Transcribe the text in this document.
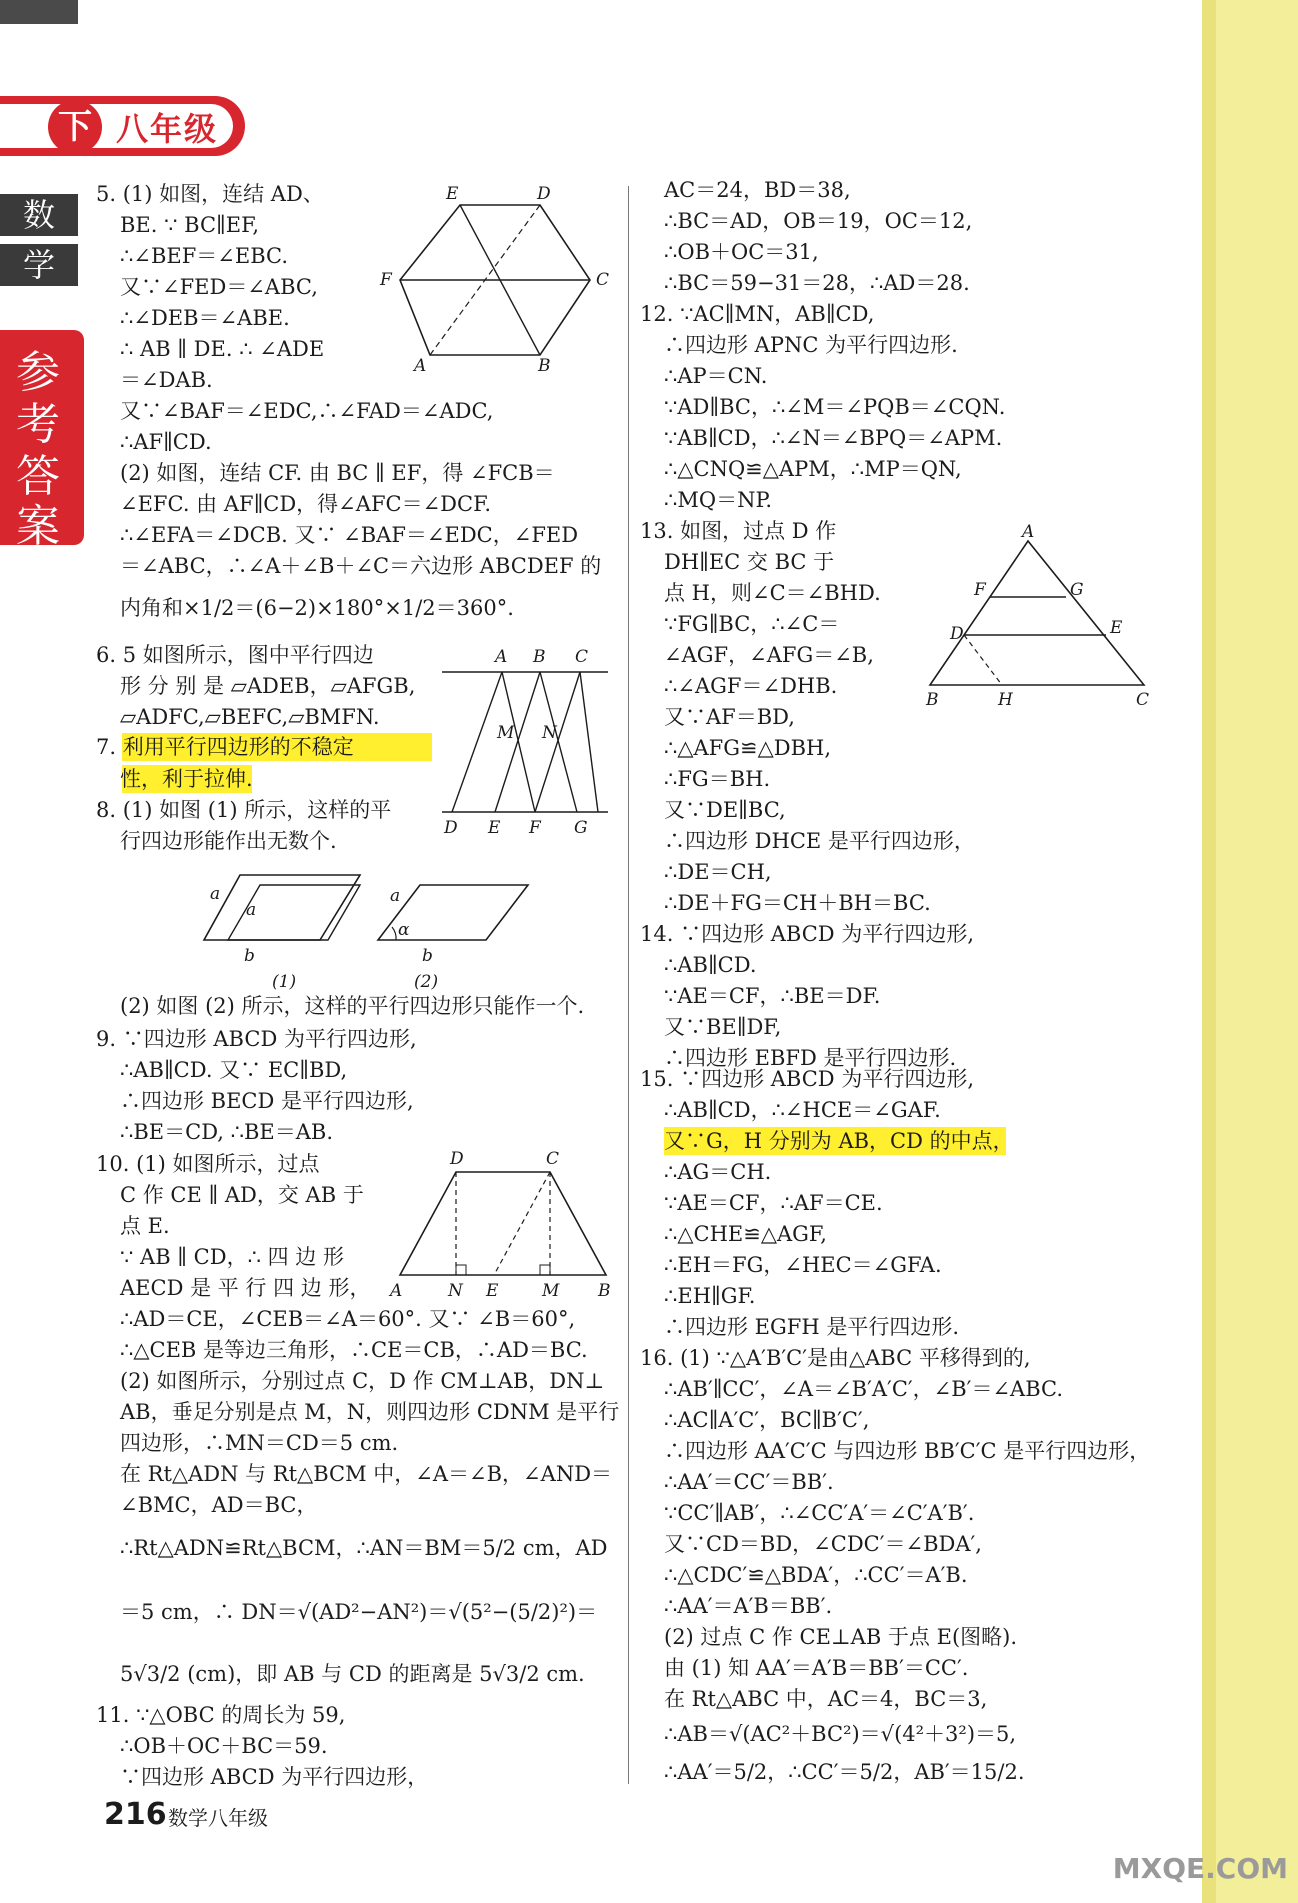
下 八年级
数
学
参
考
答
案
5. (1) 如图，连结 AD、
BE. ∵ BC∥EF,
∴∠BEF＝∠EBC.
又∵∠FED＝∠ABC,
∴∠DEB＝∠ABE.
∴ AB ∥ DE. ∴ ∠ADE
＝∠DAB.
又∵∠BAF＝∠EDC,∴∠FAD＝∠ADC,
∴AF∥CD.
(2) 如图，连结 CF. 由 BC ∥ EF，得 ∠FCB＝
∠EFC. 由 AF∥CD，得∠AFC＝∠DCF.
∴∠EFA＝∠DCB. 又∵ ∠BAF＝∠EDC，∠FED
＝∠ABC，∴∠A＋∠B＋∠C＝六边形 ABCDEF 的
内角和×1/2＝(6−2)×180°×1/2＝360°.
6. 5 如图所示，图中平行四边
形 分 别 是 ▱ADEB，▱AFGB,
▱ADFC,▱BEFC,▱BMFN.
7. 利用平行四边形的不稳定
性，利于拉伸.
8. (1) 如图 (1) 所示，这样的平
行四边形能作出无数个.
(2) 如图 (2) 所示，这样的平行四边形只能作一个.
9. ∵四边形 ABCD 为平行四边形,
∴AB∥CD. 又∵ EC∥BD,
∴四边形 BECD 是平行四边形,
∴BE＝CD, ∴BE＝AB.
10. (1) 如图所示，过点
C 作 CE ∥ AD，交 AB 于
点 E.
∵ AB ∥ CD，∴ 四 边 形
AECD 是 平 行 四 边 形，
∴AD＝CE，∠CEB＝∠A＝60°. 又∵ ∠B＝60°,
∴△CEB 是等边三角形，∴CE＝CB，∴AD＝BC.
(2) 如图所示，分别过点 C，D 作 CM⊥AB，DN⊥
AB，垂足分别是点 M，N，则四边形 CDNM 是平行
四边形，∴MN＝CD＝5 cm.
在 Rt△ADN 与 Rt△BCM 中，∠A＝∠B，∠AND＝
∠BMC，AD＝BC，
∴Rt△ADN≌Rt△BCM，∴AN＝BM＝5/2 cm，AD
＝5 cm，∴ DN＝√(AD²−AN²)＝√(5²−(5/2)²)＝
5√3/2 (cm)，即 AB 与 CD 的距离是 5√3/2 cm.
11. ∵△OBC 的周长为 59,
∴OB＋OC＋BC＝59.
∵四边形 ABCD 为平行四边形，
AC＝24，BD＝38,
∴BC＝AD，OB＝19，OC＝12,
∴OB＋OC＝31,
∴BC＝59−31＝28，∴AD＝28.
12. ∵AC∥MN，AB∥CD,
∴四边形 APNC 为平行四边形.
∴AP＝CN.
∵AD∥BC，∴∠M＝∠PQB＝∠CQN.
∵AB∥CD，∴∠N＝∠BPQ＝∠APM.
∴△CNQ≌△APM，∴MP＝QN,
∴MQ＝NP.
13. 如图，过点 D 作
DH∥EC 交 BC 于
点 H，则∠C＝∠BHD.
∵FG∥BC，∴∠C＝
∠AGF，∠AFG＝∠B,
∴∠AGF＝∠DHB.
又∵AF＝BD,
∴△AFG≌△DBH,
∴FG＝BH.
又∵DE∥BC,
∴四边形 DHCE 是平行四边形，
∴DE＝CH,
∴DE＋FG＝CH＋BH＝BC.
14. ∵四边形 ABCD 为平行四边形,
∴AB∥CD.
∵AE＝CF，∴BE＝DF.
又∵BE∥DF,
∴四边形 EBFD 是平行四边形.
15. ∵四边形 ABCD 为平行四边形,
∴AB∥CD，∴∠HCE＝∠GAF.
又∵G，H 分别为 AB，CD 的中点，
∴AG＝CH.
∵AE＝CF，∴AF＝CE.
∴△CHE≌△AGF,
∴EH＝FG，∠HEC＝∠GFA.
∴EH∥GF.
∴四边形 EGFH 是平行四边形.
16. (1) ∵△A′B′C′是由△ABC 平移得到的,
∴AB′∥CC′，∠A＝∠B′A′C′，∠B′＝∠ABC.
∴AC∥A′C′，BC∥B′C′,
∴四边形 AA′C′C 与四边形 BB′C′C 是平行四边形，
∴AA′＝CC′＝BB′.
∵CC′∥AB′，∴∠CC′A′＝∠C′A′B′.
又∵CD＝BD，∠CDC′＝∠BDA′,
∴△CDC′≌△BDA′，∴CC′＝A′B.
∴AA′＝A′B＝BB′.
(2) 过点 C 作 CE⊥AB 于点 E(图略).
由 (1) 知 AA′＝A′B＝BB′＝CC′.
在 Rt△ABC 中，AC＝4，BC＝3,
∴AB＝√(AC²＋BC²)＝√(4²＋3²)＝5,
∴AA′＝5/2，∴CC′＝5/2，AB′＝15/2.
E	D
F	C
A	B
A B C
M N
D E F G
a
a
b
(1)
a
α
b
(2)
D	C
A	N E	M B
A
F	G
D	E
B	H	C
216 数学八年级
MXQE.COM
